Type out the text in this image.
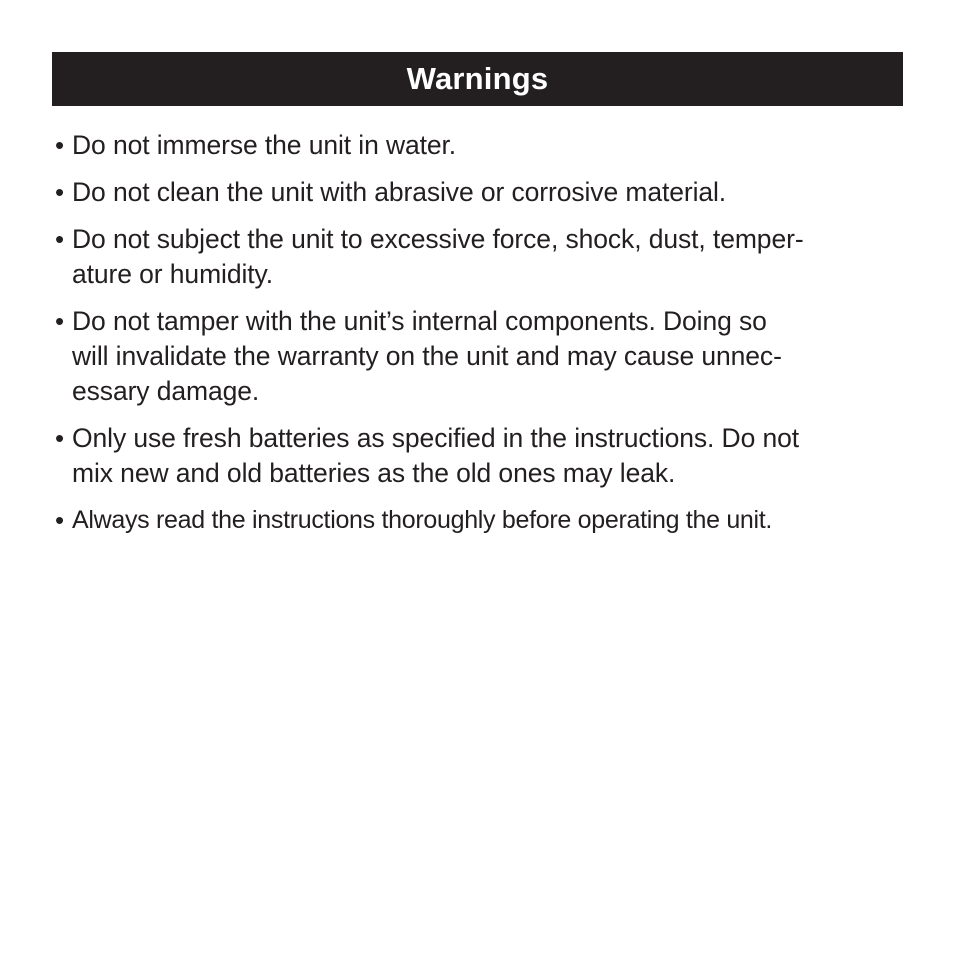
Warnings
• Do not immerse the unit in water.
• Do not clean the unit with abrasive or corrosive material.
• Do not subject the unit to excessive force, shock, dust, temper-
ature or humidity.
• Do not tamper with the unit’s internal components. Doing so
will invalidate the warranty on the unit and may cause unnec-
essary damage.
• Only use fresh batteries as specified in the instructions. Do not
mix new and old batteries as the old ones may leak.
• Always read the instructions thoroughly before operating the unit.
